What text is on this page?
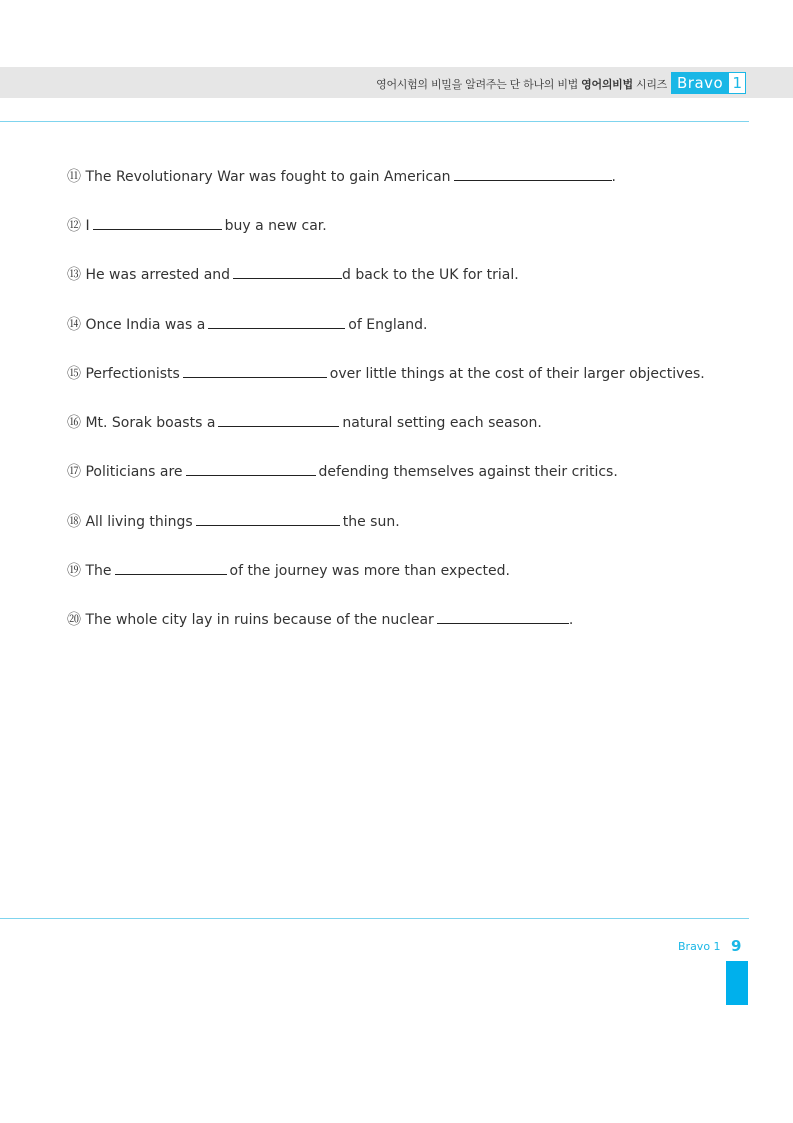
영어시험의 비밀을 알려주는 단 하나의 비법 영어의비법 시리즈 Bravo 1
⑪ The Revolutionary War was fought to gain American	.
⑫ I	buy a new car.
⑬ He was arrested and	d back to the UK for trial.
⑭ Once India was a	of England.
⑮ Perfectionists	over little things at the cost of their larger objectives.
⑯ Mt. Sorak boasts a	natural setting each season.
⑰ Politicians are	defending themselves against their critics.
⑱ All living things	the sun.
⑲ The	of the journey was more than expected.
⑳ The whole city lay in ruins because of the nuclear	.
Bravo 1 9
